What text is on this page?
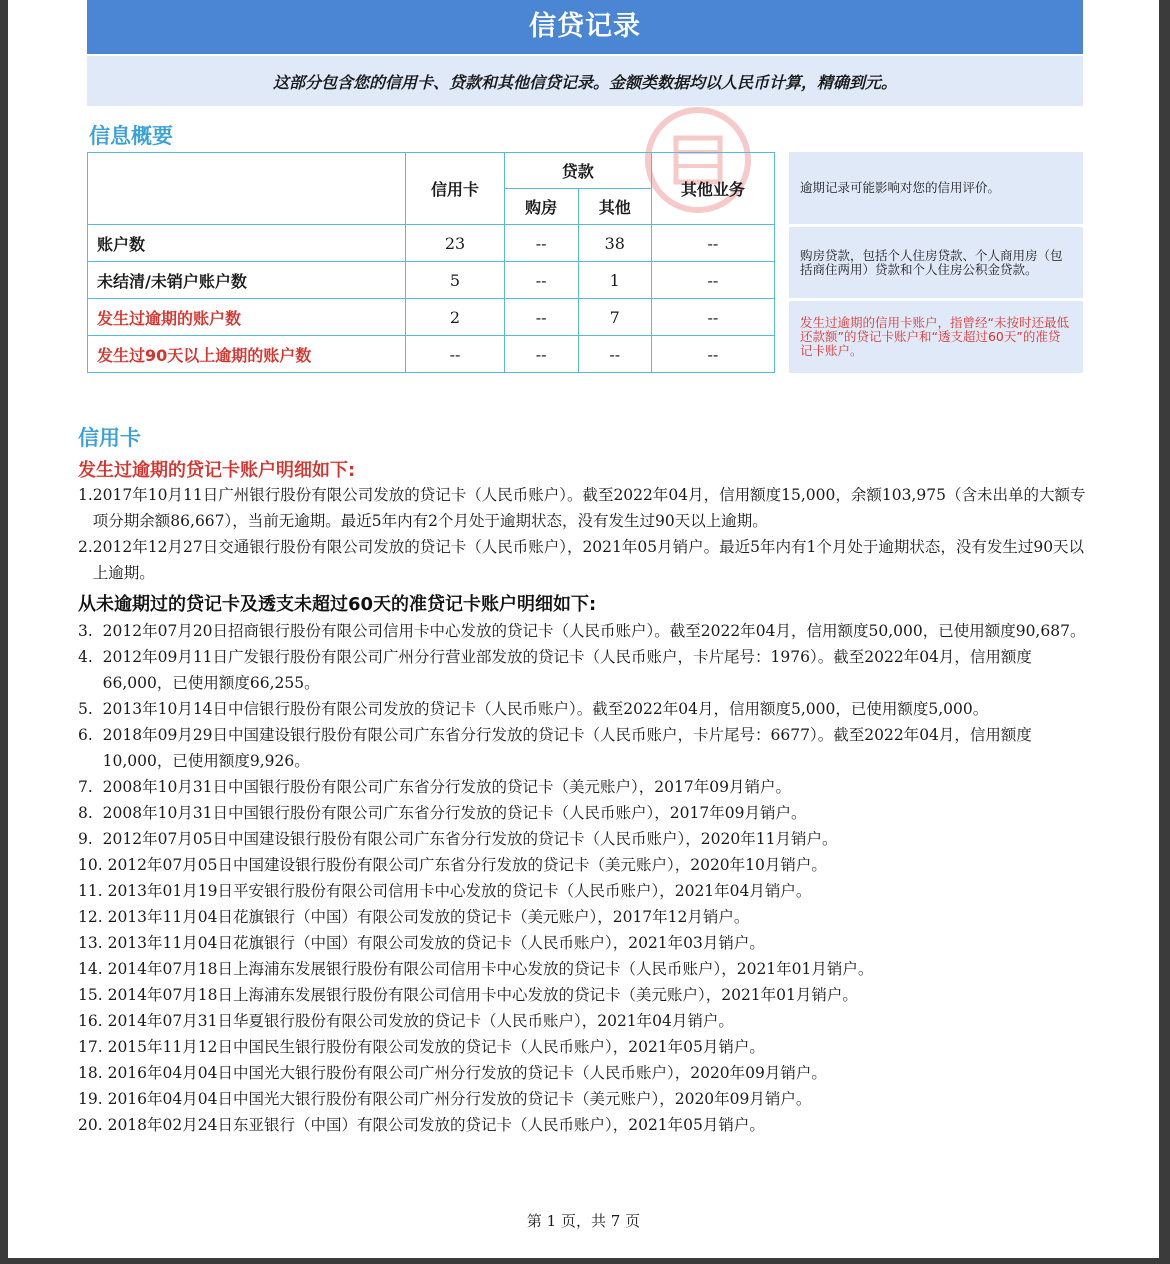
信贷记录
这部分包含您的信用卡、贷款和其他信贷记录。金额类数据均以人民币计算，精确到元。
信息概要
	信用卡	贷款		其他业务
		购房	其他	
账户数	23	--	38	--
未结清/未销户账户数	5	--	1	--
发生过逾期的账户数	2	--	7	--
发生过90天以上逾期的账户数	--	--	--	--
逾期记录可能影响对您的信用评价。
购房贷款，包括个人住房贷款、个人商用房（包括商住两用）贷款和个人住房公积金贷款。
发生过逾期的信用卡账户，指曾经“未按时还最低还款额”的贷记卡账户和“透支超过60天”的准贷记卡账户。
信用卡
发生过逾期的贷记卡账户明细如下:
1. 2017年10月11日广州银行股份有限公司发放的贷记卡（人民币账户）。截至2022年04月，信用额度15,000，余额103,975（含未出单的大额专项分期余额86,667），当前无逾期。最近5年内有2个月处于逾期状态，没有发生过90天以上逾期。
2. 2012年12月27日交通银行股份有限公司发放的贷记卡（人民币账户），2021年05月销户。最近5年内有1个月处于逾期状态，没有发生过90天以上逾期。
从未逾期过的贷记卡及透支未超过60天的准贷记卡账户明细如下:
3. 2012年07月20日招商银行股份有限公司信用卡中心发放的贷记卡（人民币账户）。截至2022年04月，信用额度50,000，已使用额度90,687。
4. 2012年09月11日广发银行股份有限公司广州分行营业部发放的贷记卡（人民币账户，卡片尾号：1976）。截至2022年04月，信用额度66,000，已使用额度66,255。
5. 2013年10月14日中信银行股份有限公司发放的贷记卡（人民币账户）。截至2022年04月，信用额度5,000，已使用额度5,000。
6. 2018年09月29日中国建设银行股份有限公司广东省分行发放的贷记卡（人民币账户，卡片尾号：6677）。截至2022年04月，信用额度10,000，已使用额度9,926。
7. 2008年10月31日中国银行股份有限公司广东省分行发放的贷记卡（美元账户），2017年09月销户。
8. 2008年10月31日中国银行股份有限公司广东省分行发放的贷记卡（人民币账户），2017年09月销户。
9. 2012年07月05日中国建设银行股份有限公司广东省分行发放的贷记卡（人民币账户），2020年11月销户。
10. 2012年07月05日中国建设银行股份有限公司广东省分行发放的贷记卡（美元账户），2020年10月销户。
11. 2013年01月19日平安银行股份有限公司信用卡中心发放的贷记卡（人民币账户），2021年04月销户。
12. 2013年11月04日花旗银行（中国）有限公司发放的贷记卡（美元账户），2017年12月销户。
13. 2013年11月04日花旗银行（中国）有限公司发放的贷记卡（人民币账户），2021年03月销户。
14. 2014年07月18日上海浦东发展银行股份有限公司信用卡中心发放的贷记卡（人民币账户），2021年01月销户。
15. 2014年07月18日上海浦东发展银行股份有限公司信用卡中心发放的贷记卡（美元账户），2021年01月销户。
16. 2014年07月31日华夏银行股份有限公司发放的贷记卡（人民币账户），2021年04月销户。
17. 2015年11月12日中国民生银行股份有限公司发放的贷记卡（人民币账户），2021年05月销户。
18. 2016年04月04日中国光大银行股份有限公司广州分行发放的贷记卡（人民币账户），2020年09月销户。
19. 2016年04月04日中国光大银行股份有限公司广州分行发放的贷记卡（美元账户），2020年09月销户。
20. 2018年02月24日东亚银行（中国）有限公司发放的贷记卡（人民币账户），2021年05月销户。
第 1 页，共 7 页
